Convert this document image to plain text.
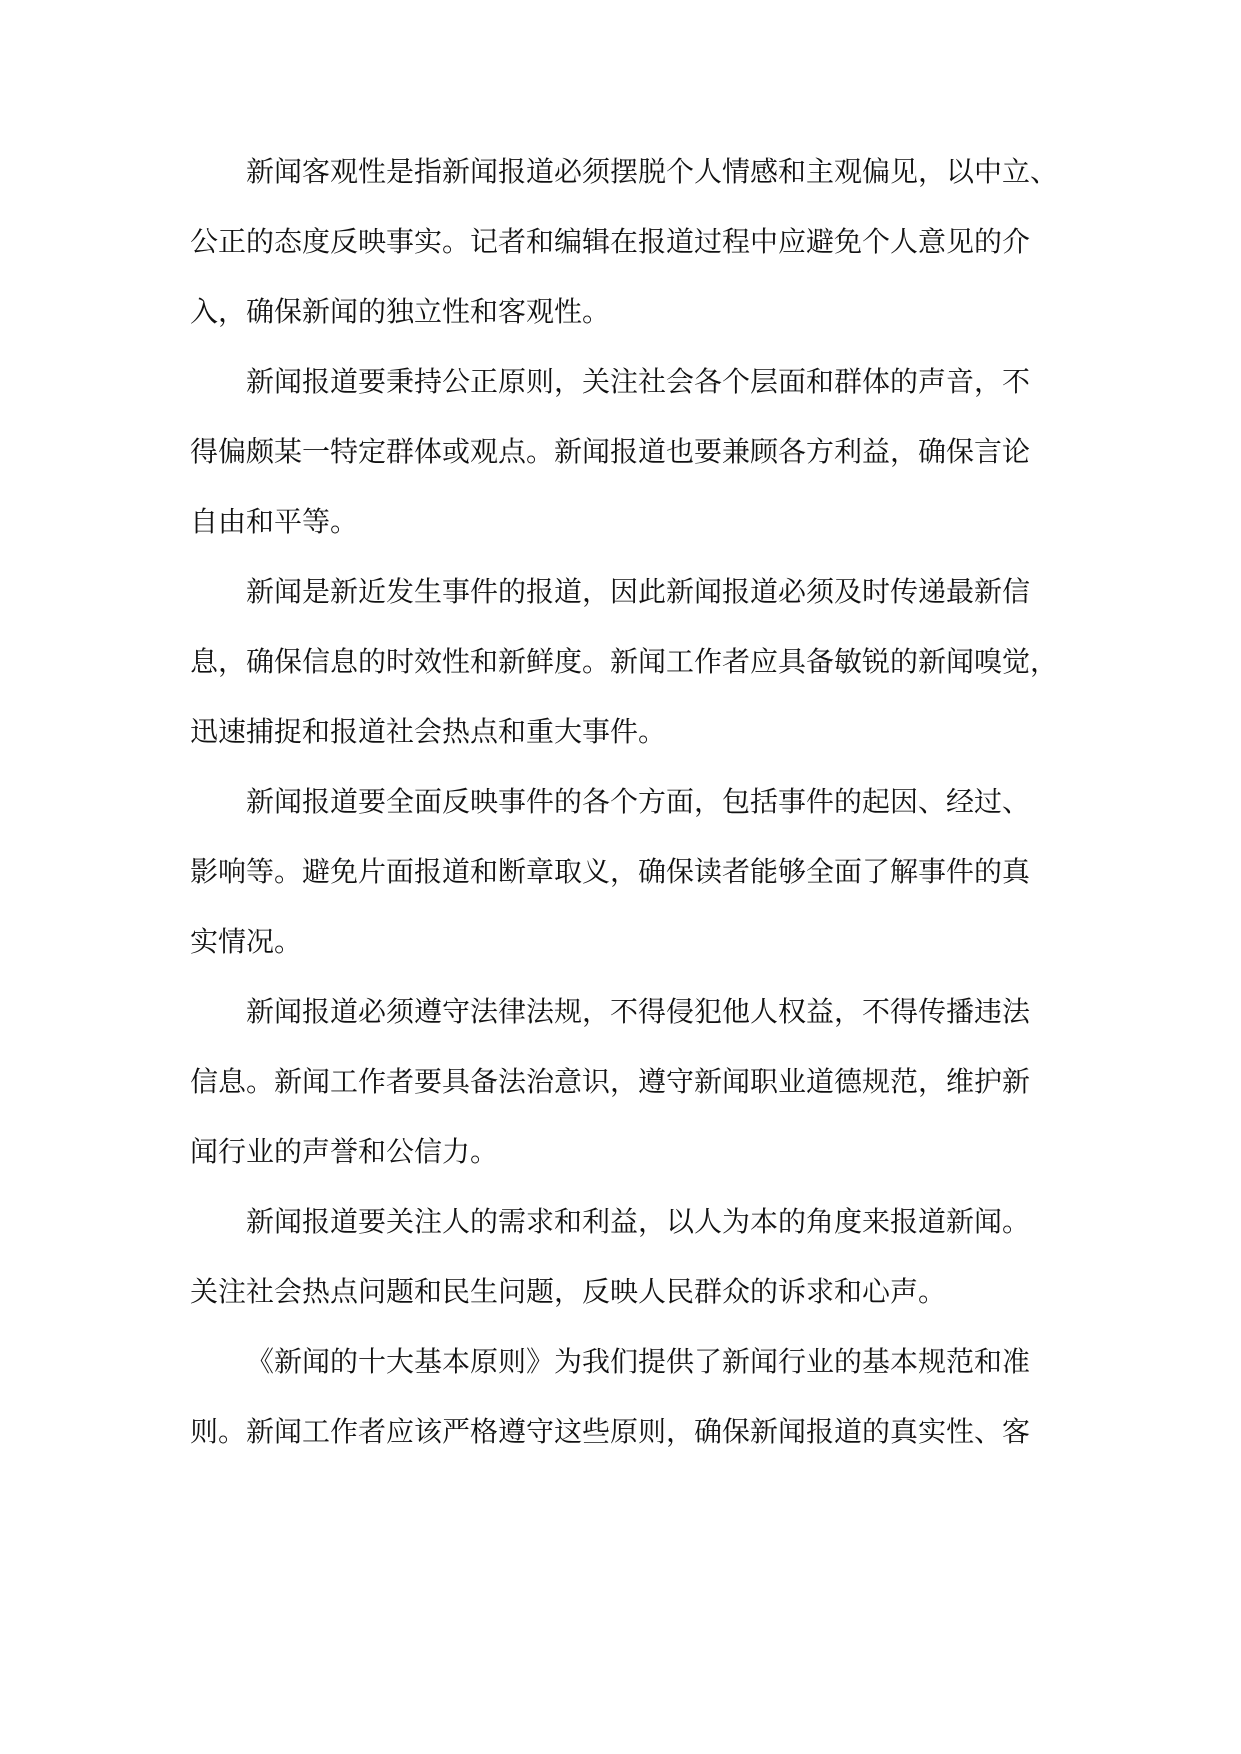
新闻客观性是指新闻报道必须摆脱个人情感和主观偏见，以中立、
公正的态度反映事实。记者和编辑在报道过程中应避免个人意见的介
入，确保新闻的独立性和客观性。
新闻报道要秉持公正原则，关注社会各个层面和群体的声音，不
得偏颇某一特定群体或观点。新闻报道也要兼顾各方利益，确保言论
自由和平等。
新闻是新近发生事件的报道，因此新闻报道必须及时传递最新信
息，确保信息的时效性和新鲜度。新闻工作者应具备敏锐的新闻嗅觉，
迅速捕捉和报道社会热点和重大事件。
新闻报道要全面反映事件的各个方面，包括事件的起因、经过、
影响等。避免片面报道和断章取义，确保读者能够全面了解事件的真
实情况。
新闻报道必须遵守法律法规，不得侵犯他人权益，不得传播违法
信息。新闻工作者要具备法治意识，遵守新闻职业道德规范，维护新
闻行业的声誉和公信力。
新闻报道要关注人的需求和利益，以人为本的角度来报道新闻。
关注社会热点问题和民生问题，反映人民群众的诉求和心声。
《新闻的十大基本原则》为我们提供了新闻行业的基本规范和准
则。新闻工作者应该严格遵守这些原则，确保新闻报道的真实性、客
